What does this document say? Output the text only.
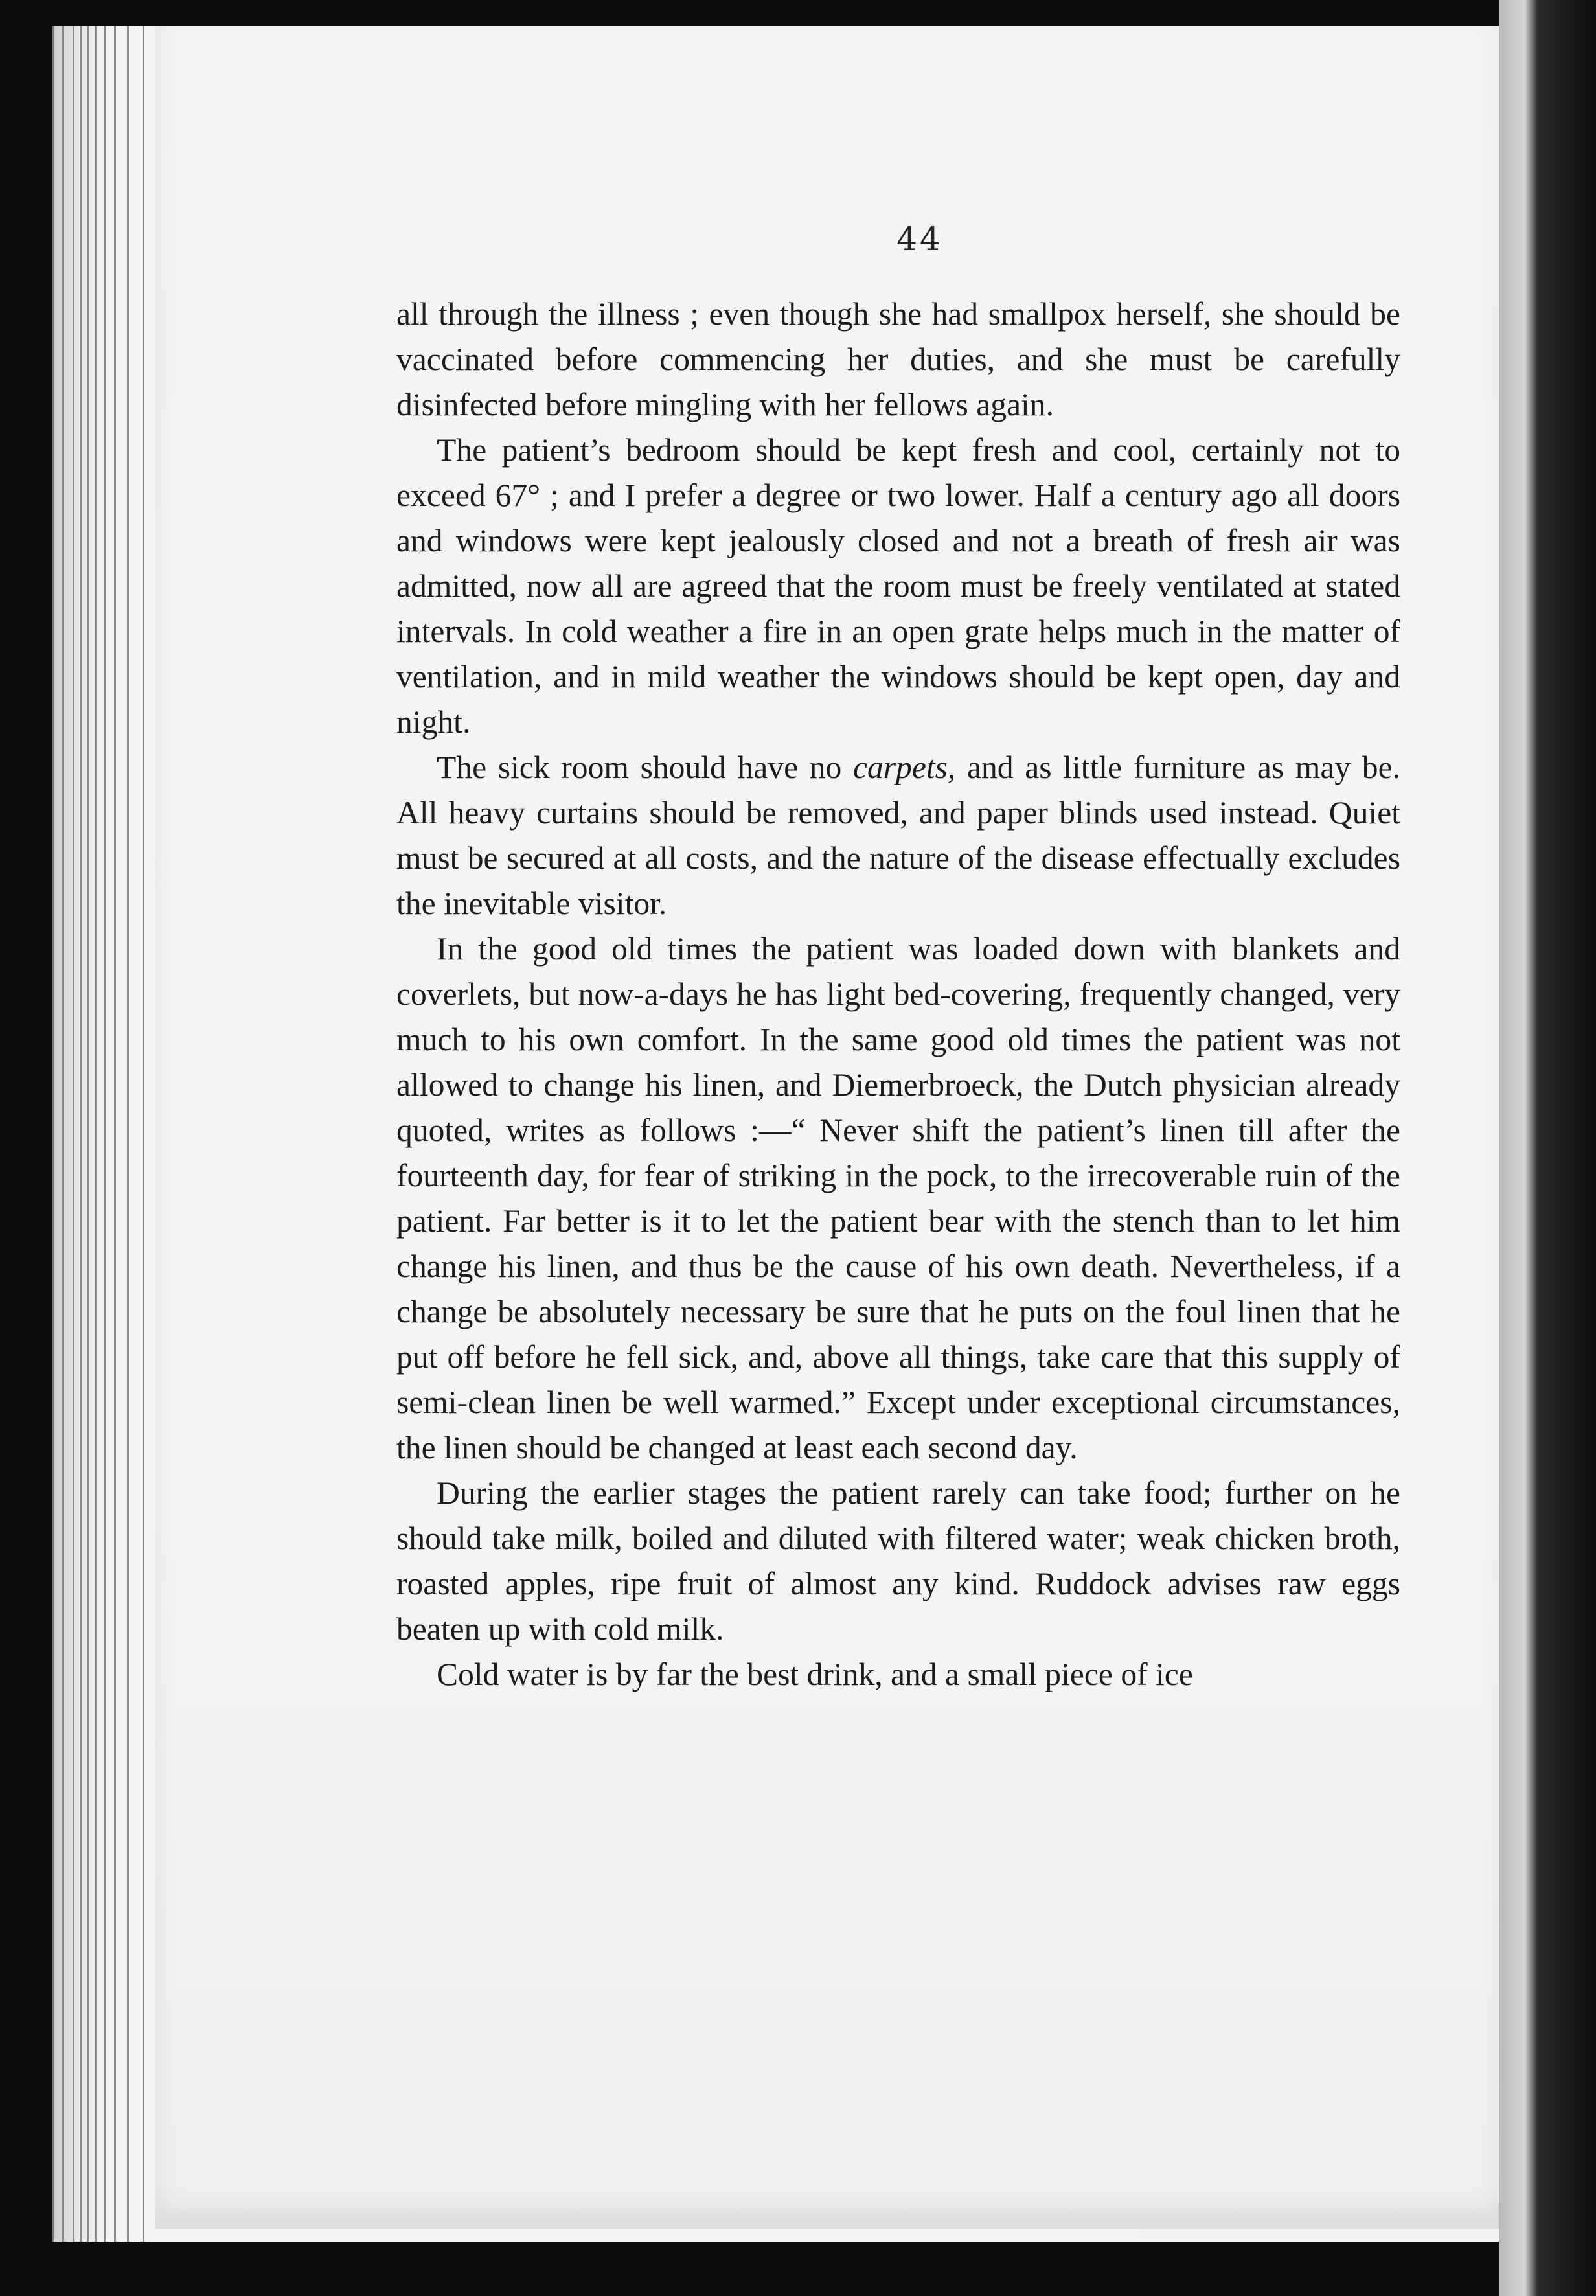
44

all through the illness ; even though she had smallpox herself, she should be vaccinated before commencing her duties, and she must be carefully disinfected before mingling with her fellows again.

The patient’s bedroom should be kept fresh and cool, certainly not to exceed 67° ; and I prefer a degree or two lower. Half a century ago all doors and windows were kept jealously closed and not a breath of fresh air was admitted, now all are agreed that the room must be freely ventilated at stated intervals. In cold weather a fire in an open grate helps much in the matter of ventilation, and in mild weather the windows should be kept open, day and night.

The sick room should have no carpets, and as little furniture as may be. All heavy curtains should be removed, and paper blinds used instead. Quiet must be secured at all costs, and the nature of the disease effectually excludes the inevitable visitor.

In the good old times the patient was loaded down with blankets and coverlets, but now-a-days he has light bed-covering, frequently changed, very much to his own comfort. In the same good old times the patient was not allowed to change his linen, and Diemerbroeck, the Dutch physician already quoted, writes as follows :—“ Never shift the patient’s linen till after the fourteenth day, for fear of striking in the pock, to the irrecoverable ruin of the patient. Far better is it to let the patient bear with the stench than to let him change his linen, and thus be the cause of his own death. Nevertheless, if a change be absolutely necessary be sure that he puts on the foul linen that he put off before he fell sick, and, above all things, take care that this supply of semi-clean linen be well warmed.” Except under exceptional circumstances, the linen should be changed at least each second day.

During the earlier stages the patient rarely can take food; further on he should take milk, boiled and diluted with filtered water; weak chicken broth, roasted apples, ripe fruit of almost any kind. Ruddock advises raw eggs beaten up with cold milk.

Cold water is by far the best drink, and a small piece of ice
